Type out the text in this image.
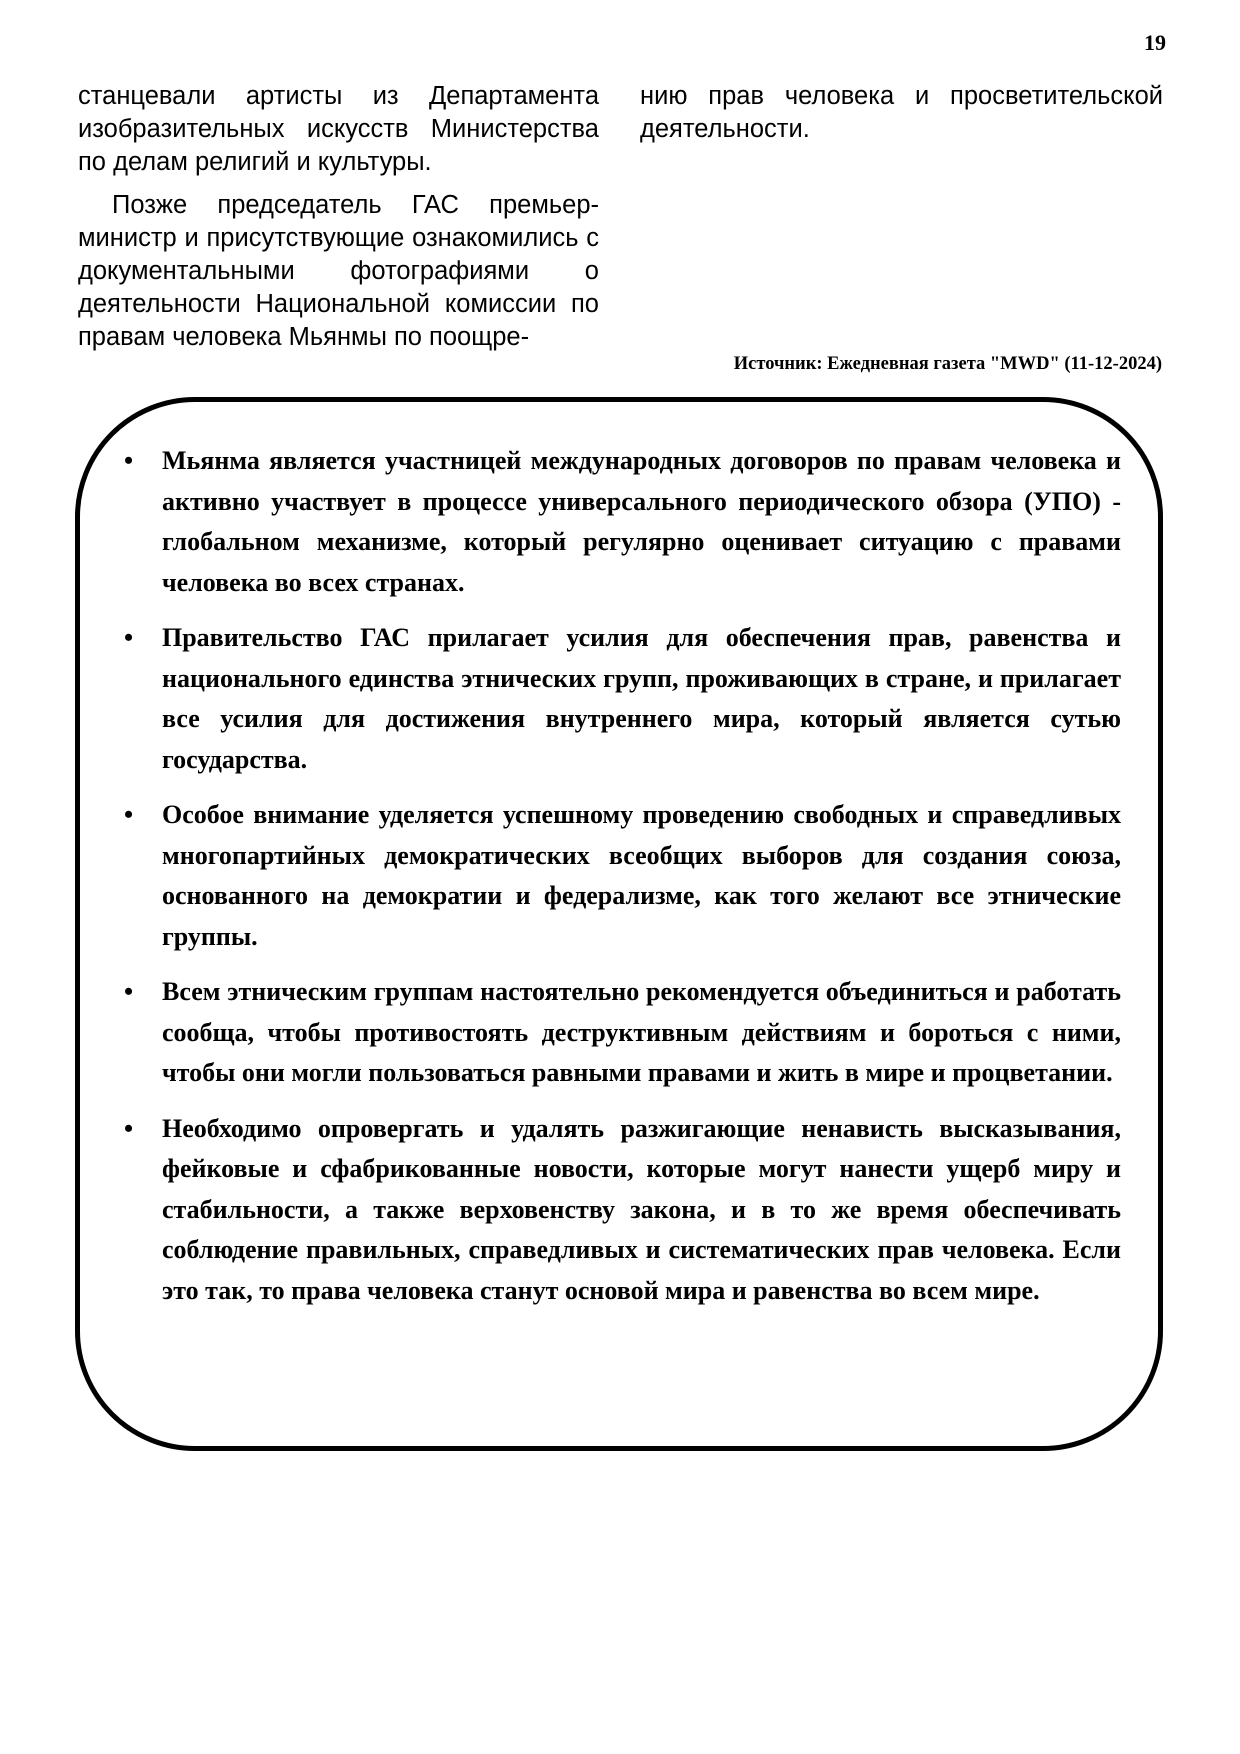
19

станцевали артисты из Департамента изобразительных искусств Министерства по делам религий и культуры.

Позже председатель ГАС премьер-министр и присутствующие ознакомились с документальными фотографиями о деятельности Национальной комиссии по правам человека Мьянмы по поощре-

нию прав человека и просветительской деятельности.

Источник: Ежедневная газета "MWD" (11-12-2024)
•	Мьянма является участницей международных договоров по правам человека и активно участвует в процессе универсального периодического обзора (УПО) - глобальном механизме, который регулярно оценивает ситуацию с правами человека во всех странах.
•	Правительство ГАС прилагает усилия для обеспечения прав, равенства и национального единства этнических групп, проживающих в стране, и прилагает все усилия для достижения внутреннего мира, который является сутью государства.
•	Особое внимание уделяется успешному проведению свободных и справедливых многопартийных демократических всеобщих выборов для создания союза, основанного на демократии и федерализме, как того желают все этнические группы.
•	Всем этническим группам настоятельно рекомендуется объединиться и работать сообща, чтобы противостоять деструктивным действиям и бороться с ними, чтобы они могли пользоваться равными правами и жить в мире и процветании.
•	Необходимо опровергать и удалять разжигающие ненависть высказывания, фейковые и сфабрикованные новости, которые могут нанести ущерб миру и стабильности, а также верховенству закона, и в то же время обеспечивать соблюдение правильных, справедливых и систематических прав человека. Если это так, то права человека станут основой мира и равенства во всем мире.
